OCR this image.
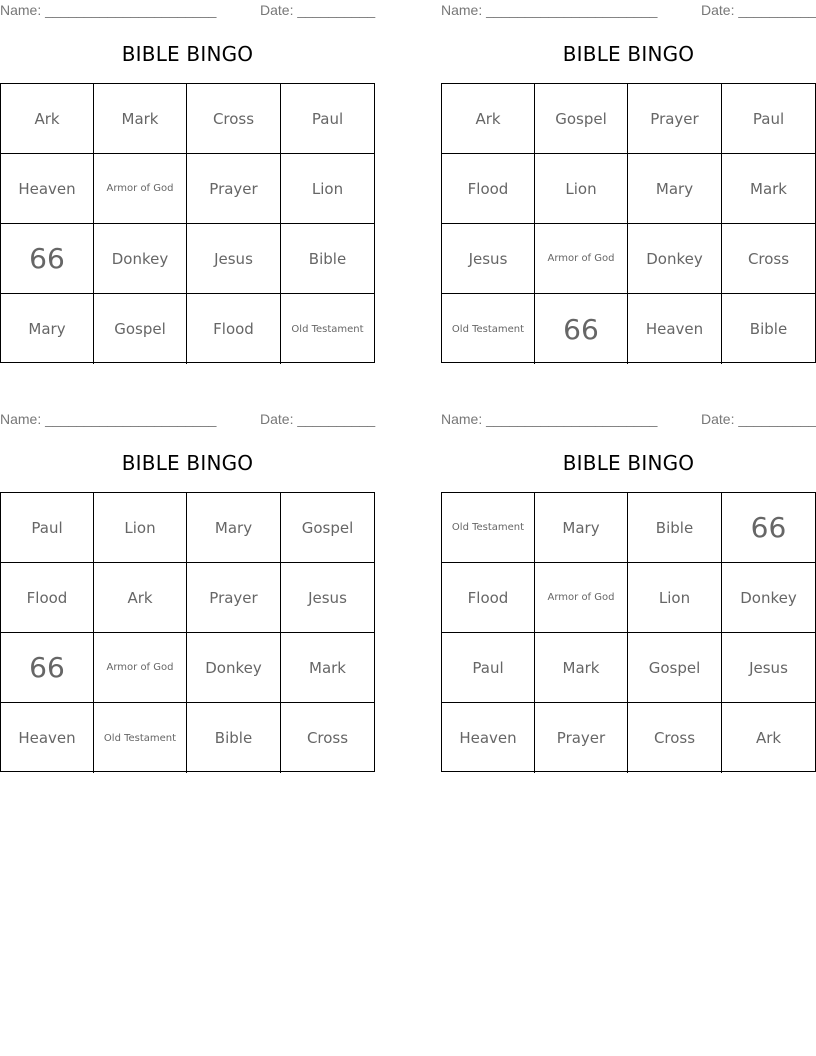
Name: ______________________	Date: __________
BIBLE BINGO
Ark	Mark	Cross	Paul
Heaven	Armor of God	Prayer	Lion
66	Donkey	Jesus	Bible
Mary	Gospel	Flood	Old Testament
Name: ______________________	Date: __________
BIBLE BINGO
Ark	Gospel	Prayer	Paul
Flood	Lion	Mary	Mark
Jesus	Armor of God	Donkey	Cross
Old Testament	66	Heaven	Bible
Name: ______________________	Date: __________
BIBLE BINGO
Paul	Lion	Mary	Gospel
Flood	Ark	Prayer	Jesus
66	Armor of God	Donkey	Mark
Heaven	Old Testament	Bible	Cross
Name: ______________________	Date: __________
BIBLE BINGO
Old Testament	Mary	Bible	66
Flood	Armor of God	Lion	Donkey
Paul	Mark	Gospel	Jesus
Heaven	Prayer	Cross	Ark
